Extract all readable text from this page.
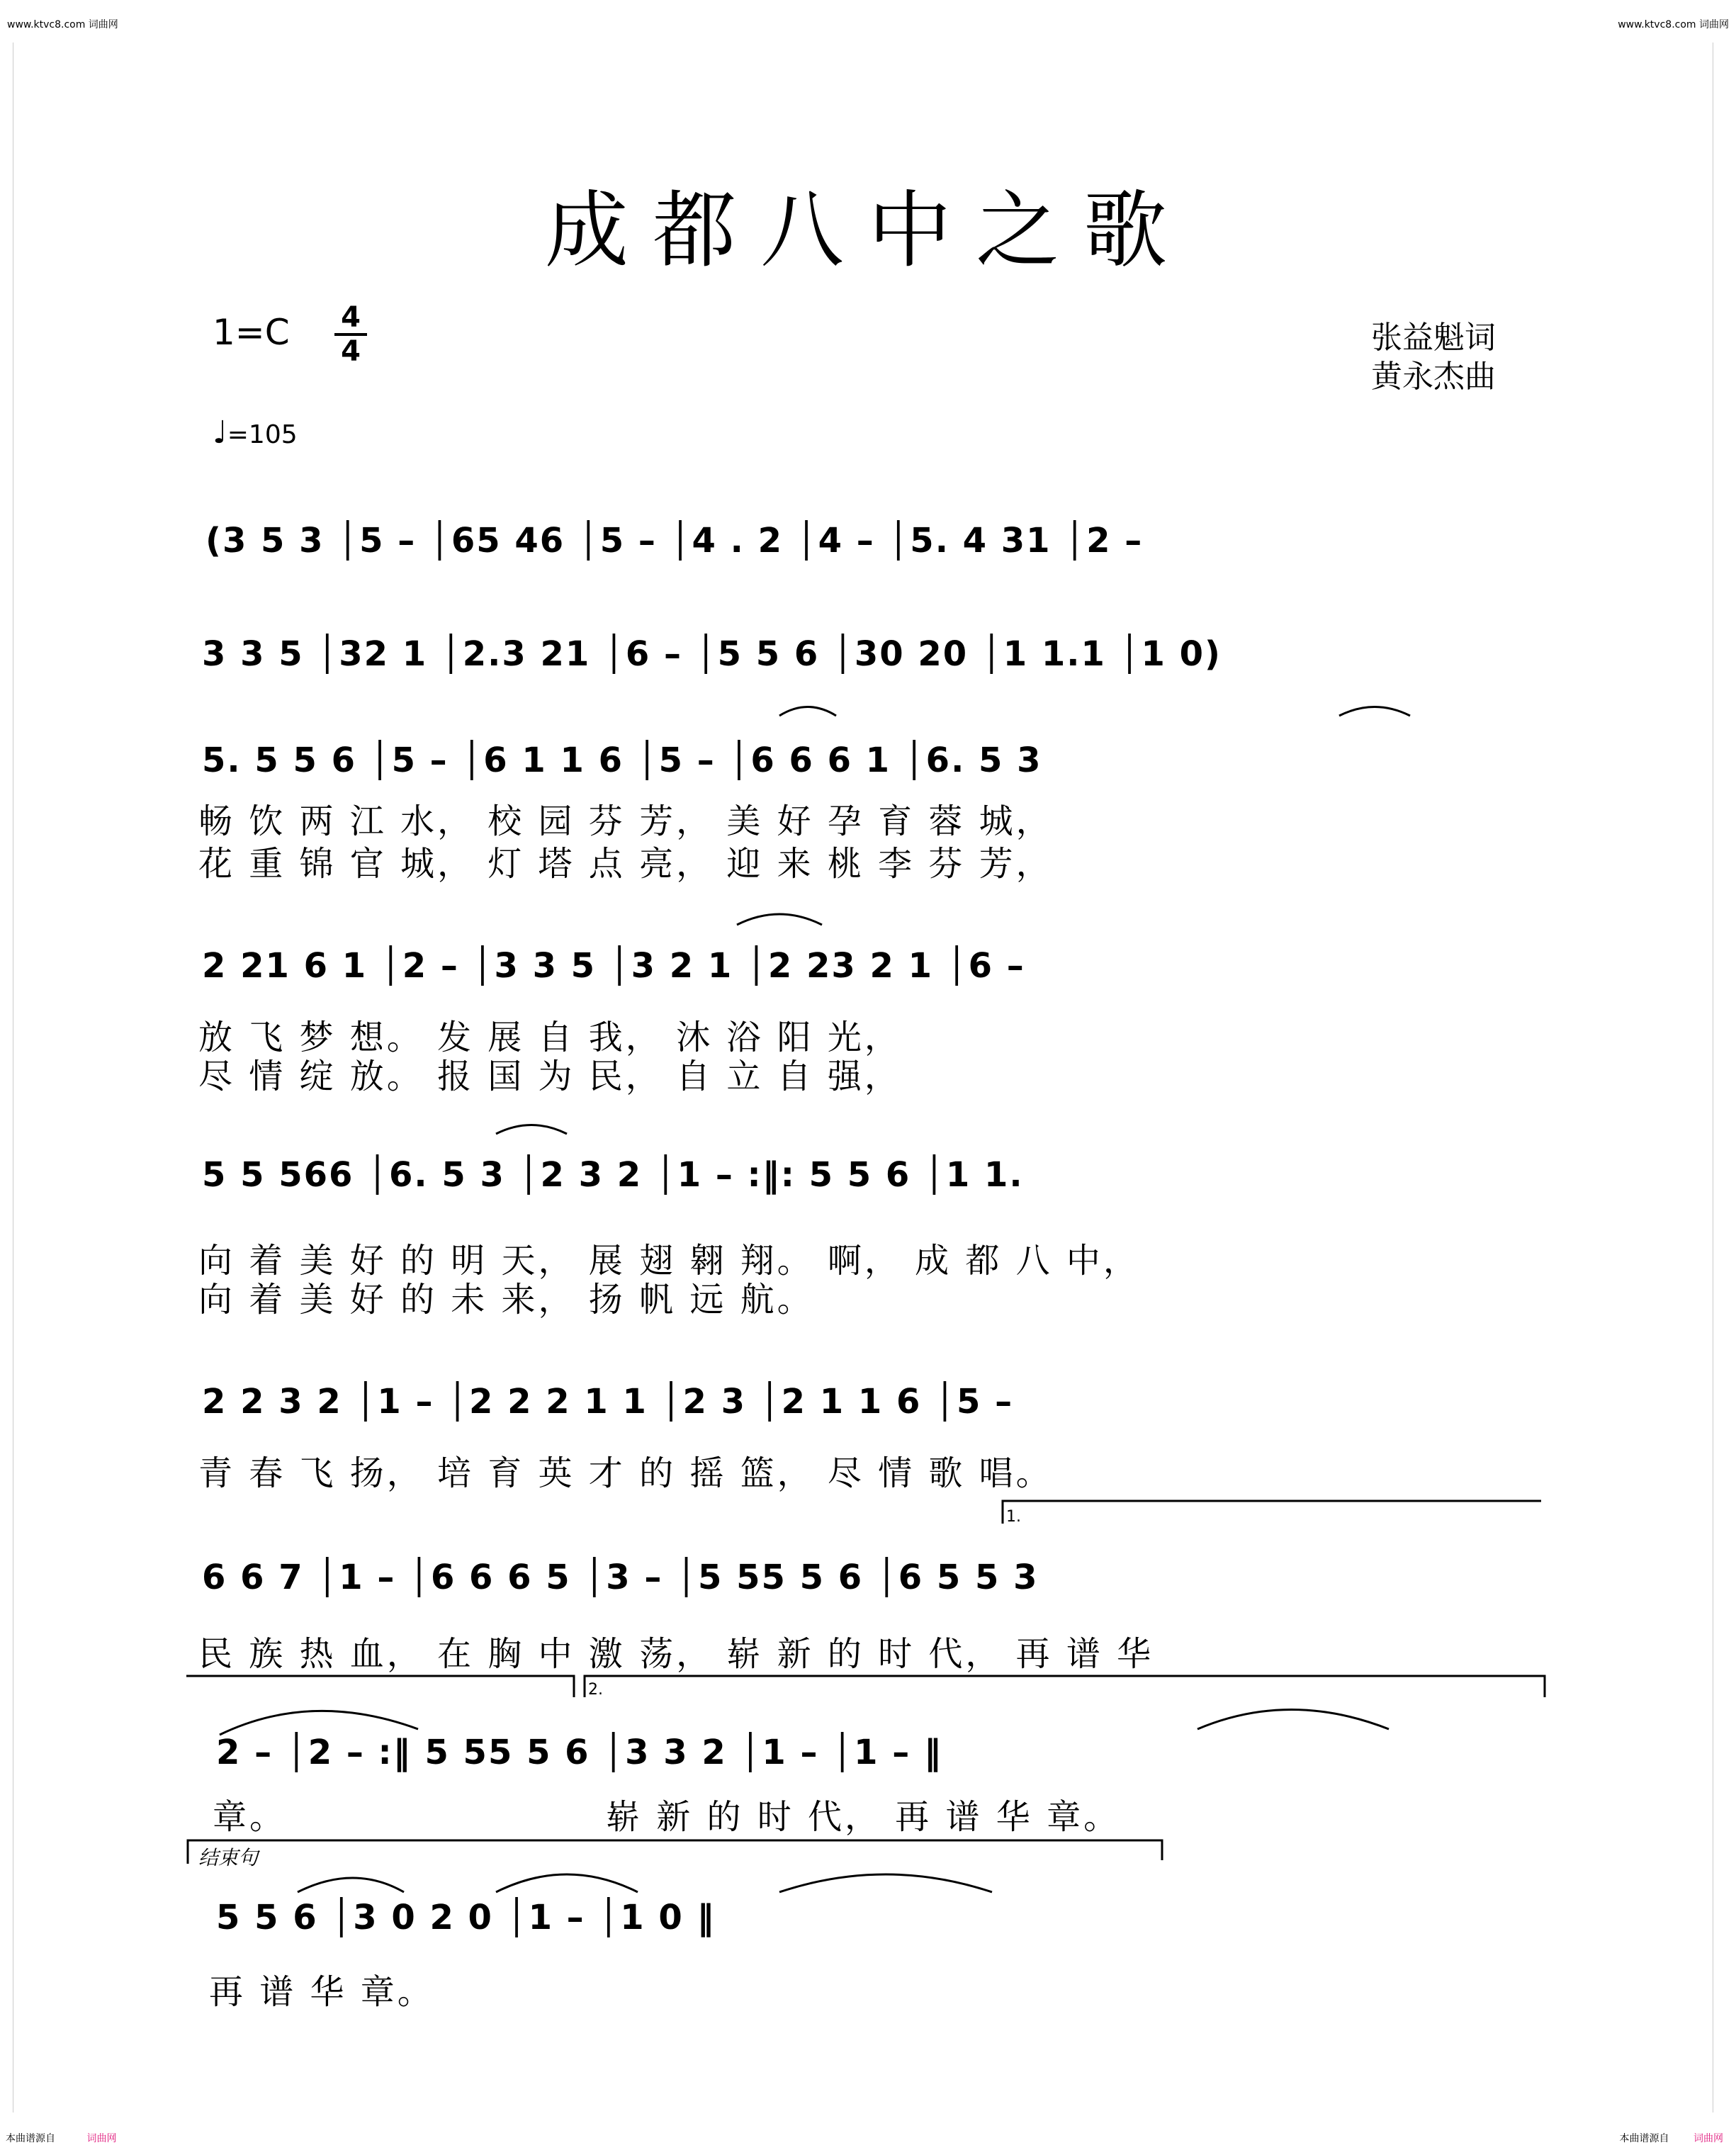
www.ktvc8.com 词曲网	www.ktvc8.com 词曲网
成都八中之歌
1=C 4
4	张益魁词
黄永杰曲
♩=105
(3 5 3 │5 – │65 46 │5 – │4 . 2 │4 – │5. 4 31 │2 –
3 3 5 │32 1 │2.3 21 │6 – │5 5 6 │30 20 │1 1.1 │1 0)
5. 5 5 6 │5 – │6 1 1 6 │5 – │6 6 6 1 │6. 5 3
畅 饮 两 江 水， 校 园 芬 芳， 美 好 孕 育 蓉 城，
花 重 锦 官 城， 灯 塔 点 亮， 迎 来 桃 李 芬 芳，
2 21 6 1 │2 – │3 3 5 │3 2 1 │2 23 2 1 │6 –
放 飞 梦 想。 发 展 自 我， 沐 浴 阳 光，
尽 情 绽 放。 报 国 为 民， 自 立 自 强，
5 5 566 │6. 5 3 │2 3 2 │1 – :‖: 5 5 6 │1 1.
向 着 美 好 的 明 天， 展 翅 翱 翔。 啊， 成 都 八 中，
向 着 美 好 的 未 来， 扬 帆 远 航。
2 2 3 2 │1 – │2 2 2 1 1 │2 3 │2 1 1 6 │5 –
青 春 飞 扬， 培 育 英 才 的 摇 篮， 尽 情 歌 唱。
1.
6 6 7 │1 – │6 6 6 5 │3 – │5 55 5 6 │6 5 5 3
民 族 热 血， 在 胸 中 激 荡， 崭 新 的 时 代， 再 谱 华
2.
2 – │2 – :‖ 5 55 5 6 │3 3 2 │1 – │1 – ‖
章。	崭 新 的 时 代， 再 谱 华 章。
结束句
5 5 6 │3 0 2 0 │1 – │1 0 ‖
再 谱 华 章。
本曲谱源自	词曲网	本曲谱源自 词曲网
